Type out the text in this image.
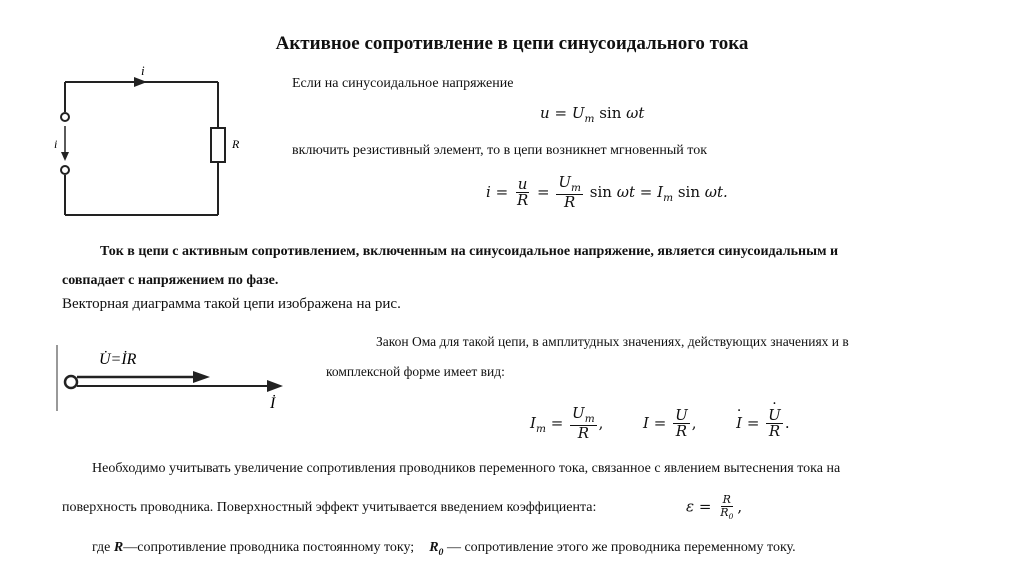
Активное сопротивление в цепи синусоидального тока
i
i	R
Если на синусоидальное напряжение
$u = U_m$ sin ωt
включить резистивный элемент, то в цепи возникнет мгновенный ток
$i = \frac{u}{R} = \frac{U_m}{R}$ $\sin \omega t = I_m$ sin ωt.
Ток в цепи с активным сопротивлением, включенным на синусоидальное напряжение, является синусоидальным и
совпадает с напряжением по фазе.
Векторная диаграмма такой цепи изображена на рис.
U̇=İR
İ
Закон Ома для такой цепи, в амплитудных значениях, действующих значениях и в
комплексной форме имеет вид:
$I_m = \frac{U_m}{R}$ ,	$I = \frac{U}{R}$ ,	I · = $\frac{U \cdot}{R}$ .
Необходимо учитывать увеличение сопротивления проводников переменного тока, связанное с явлением вытеснения тока на
поверхность проводника. Поверхностный эффект учитывается введением коэффициента:	$\varepsilon = \frac{R}{R_0}$ ,
где R—сопротивление проводника постоянному току; $R_0$ — сопротивление этого же проводника переменному току.
